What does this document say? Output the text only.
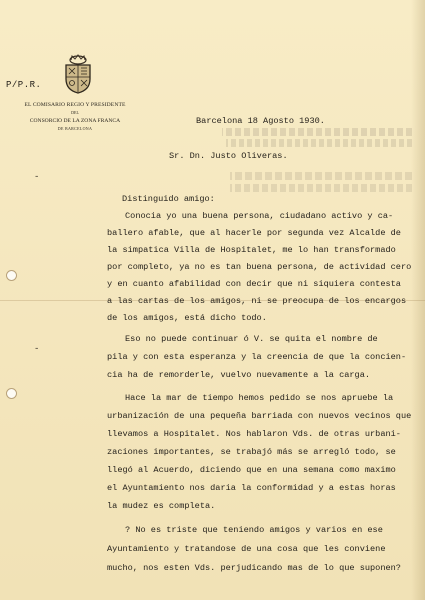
P/P.R.
-
-
EL COMISARIO REGIO Y PRESIDENTE
DEL
CONSORCIO DE LA ZONA FRANCA
DE BARCELONA
Barcelona 18 Agosto 1930.
Sr. Dn. Justo Oliveras.
Distinguido amigo:
Conocia yo una buena persona, ciudadano activo y ca-
ballero afable, que al hacerle por segunda vez Alcalde de
la simpatica Villa de Hospitalet, me lo han transformado
por completo, ya no es tan buena persona, de actividad cero
y en cuanto afabilidad con decir que ni siquiera contesta
a las cartas de los amigos, ni se preocupa de los encargos
de los amigos, está dicho todo.
Eso no puede continuar ó V. se quita el nombre de
pila y con esta esperanza y la creencia de que la concien-
cia ha de remorderle, vuelvo nuevamente a la carga.
Hace la mar de tiempo hemos pedido se nos apruebe la
urbanización de una pequeña barriada con nuevos vecinos que
llevamos a Hospitalet. Nos hablaron Vds. de otras urbani-
zaciones importantes, se trabajó más se arregló todo, se
llegó al Acuerdo, diciendo que en una semana como maximo
el Ayuntamiento nos daria la conformidad y a estas horas
la mudez es completa.
? No es triste que teniendo amigos y varios en ese
Ayuntamiento y tratandose de una cosa que les conviene
mucho, nos esten Vds. perjudicando mas de lo que suponen?
